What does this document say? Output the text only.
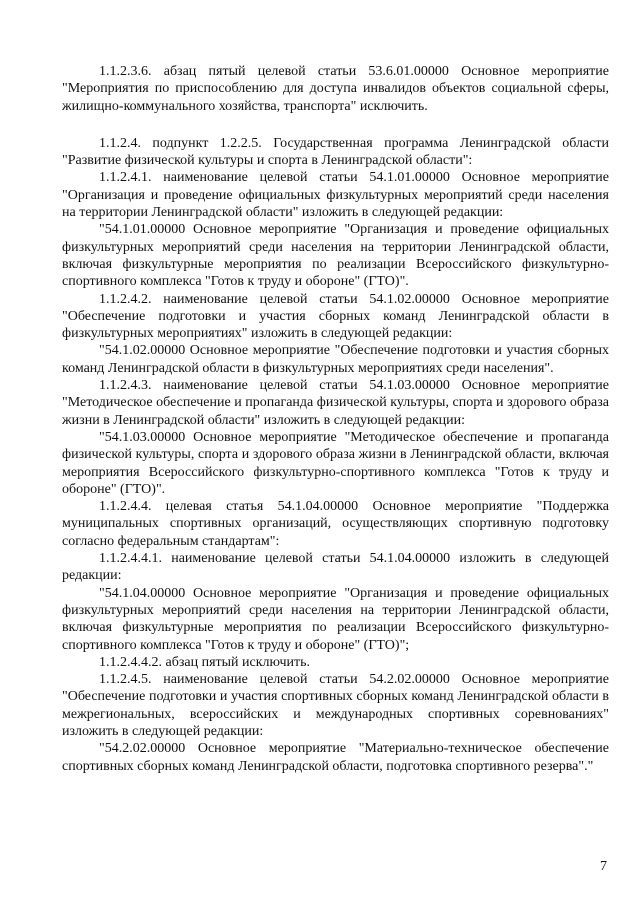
1.1.2.3.6. абзац пятый целевой статьи 53.6.01.00000 Основное мероприятие "Мероприятия по приспособлению для доступа инвалидов объектов социальной сферы, жилищно-коммунального хозяйства, транспорта" исключить.

1.1.2.4. подпункт 1.2.2.5. Государственная программа Ленинградской области "Развитие физической культуры и спорта в Ленинградской области":

1.1.2.4.1. наименование целевой статьи 54.1.01.00000 Основное мероприятие "Организация и проведение официальных физкультурных мероприятий среди населения на территории Ленинградской области" изложить в следующей редакции:

"54.1.01.00000 Основное мероприятие "Организация и проведение официальных физкультурных мероприятий среди населения на территории Ленинградской области, включая физкультурные мероприятия по реализации Всероссийского физкультурно-спортивного комплекса "Готов к труду и обороне" (ГТО)".

1.1.2.4.2. наименование целевой статьи 54.1.02.00000 Основное мероприятие "Обеспечение подготовки и участия сборных команд Ленинградской области в физкультурных мероприятиях" изложить в следующей редакции:

"54.1.02.00000 Основное мероприятие "Обеспечение подготовки и участия сборных команд Ленинградской области в физкультурных мероприятиях среди населения".

1.1.2.4.3. наименование целевой статьи 54.1.03.00000 Основное мероприятие "Методическое обеспечение и пропаганда физической культуры, спорта и здорового образа жизни в Ленинградской области" изложить в следующей редакции:

"54.1.03.00000 Основное мероприятие "Методическое обеспечение и пропаганда физической культуры, спорта и здорового образа жизни в Ленинградской области, включая мероприятия Всероссийского физкультурно-спортивного комплекса "Готов к труду и обороне" (ГТО)".

1.1.2.4.4. целевая статья 54.1.04.00000 Основное мероприятие "Поддержка муниципальных спортивных организаций, осуществляющих спортивную подготовку согласно федеральным стандартам":

1.1.2.4.4.1. наименование целевой статьи 54.1.04.00000 изложить в следующей редакции:

"54.1.04.00000 Основное мероприятие "Организация и проведение официальных физкультурных мероприятий среди населения на территории Ленинградской области, включая физкультурные мероприятия по реализации Всероссийского физкультурно-спортивного комплекса "Готов к труду и обороне" (ГТО)";

1.1.2.4.4.2. абзац пятый исключить.

1.1.2.4.5. наименование целевой статьи 54.2.02.00000 Основное мероприятие "Обеспечение подготовки и участия спортивных сборных команд Ленинградской области в межрегиональных, всероссийских и международных спортивных соревнованиях" изложить в следующей редакции:

"54.2.02.00000 Основное мероприятие "Материально-техническое обеспечение спортивных сборных команд Ленинградской области, подготовка спортивного резерва"."

7
